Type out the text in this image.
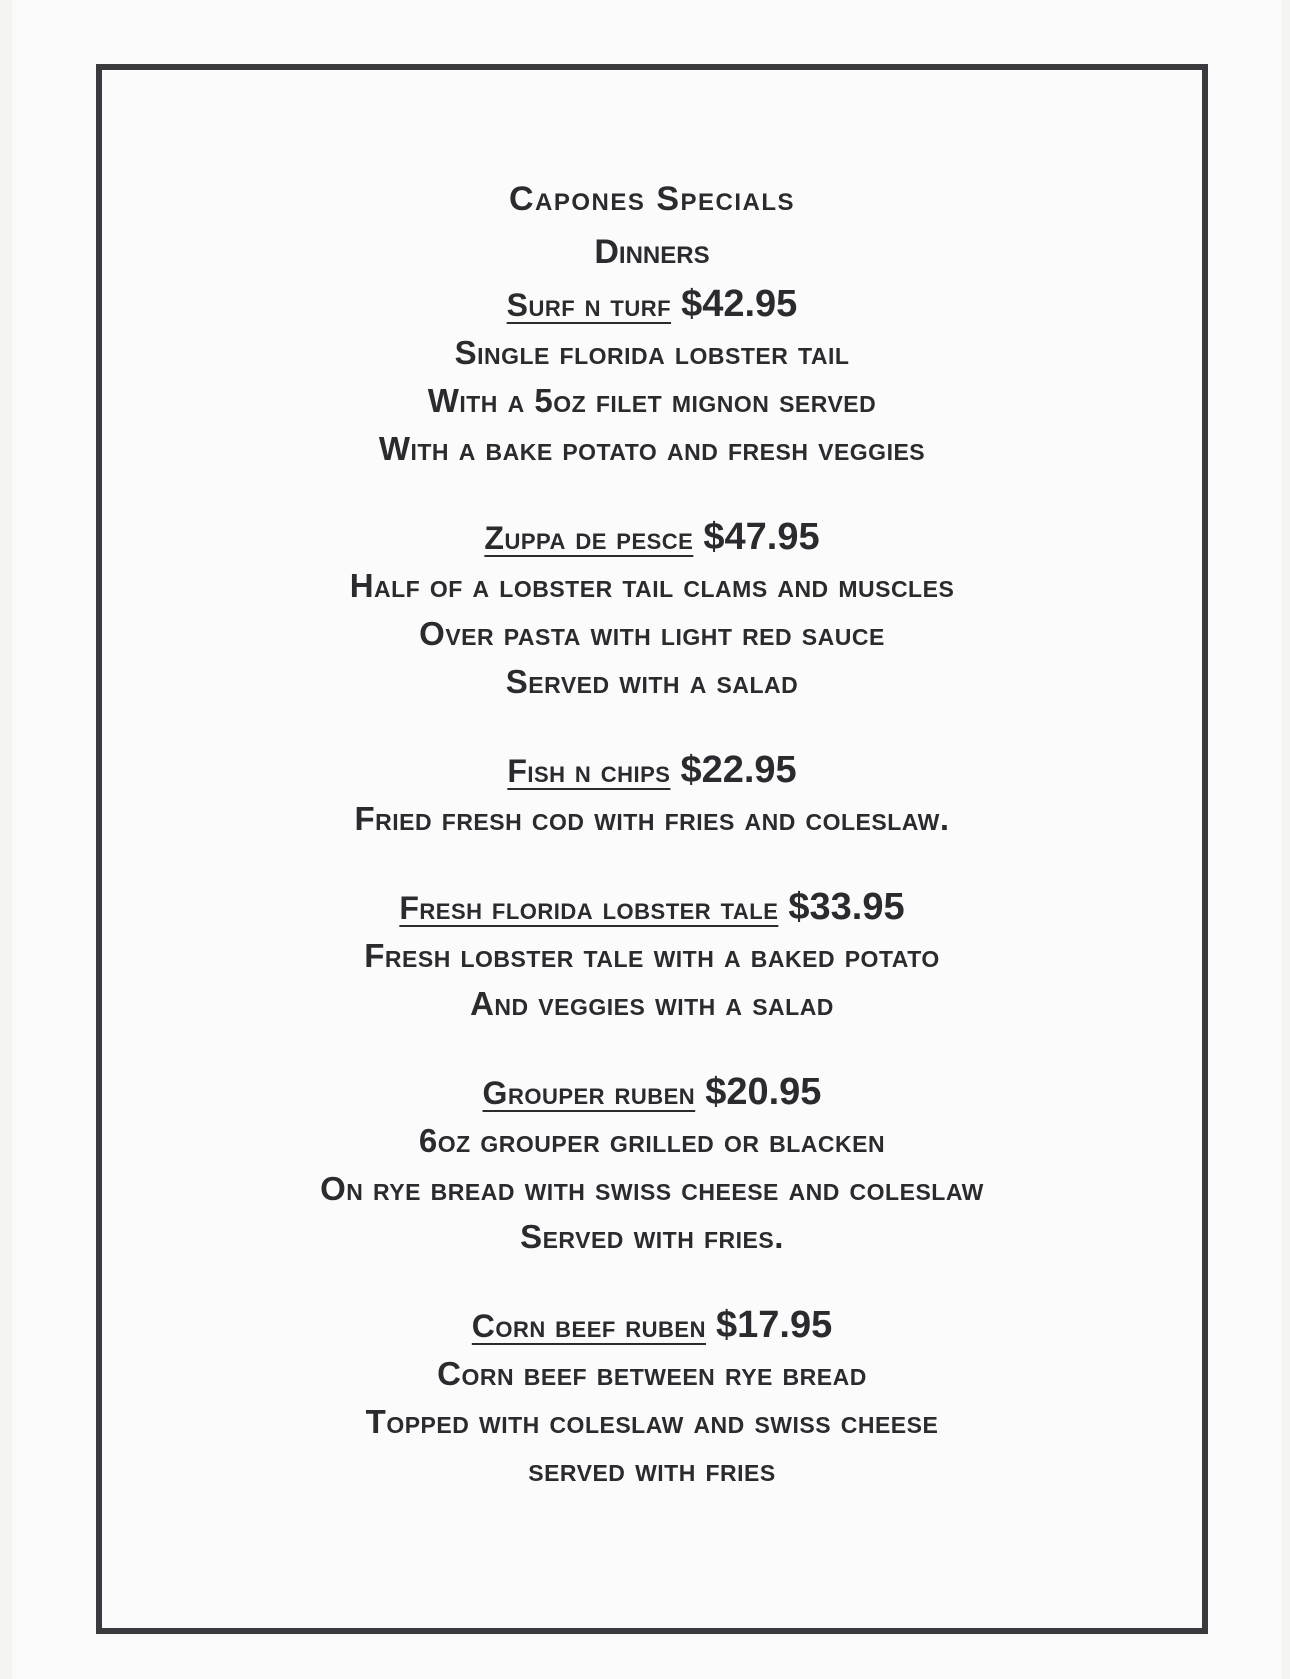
Capones Specials

Dinners

Surf n turf $42.95

Single florida lobster tail

With a 5oz filet mignon served

With a bake potato and fresh veggies

Zuppa de pesce $47.95

Half of a lobster tail clams and muscles

Over pasta with light red sauce

Served with a salad

Fish n chips $22.95

Fried fresh cod with fries and coleslaw.

Fresh florida lobster tale $33.95

Fresh lobster tale with a baked potato

And veggies with a salad

Grouper ruben $20.95

6oz grouper grilled or blacken

On rye bread with swiss cheese and coleslaw

Served with fries.

Corn beef ruben $17.95

Corn beef between rye bread

Topped with coleslaw and swiss cheese

served with fries
